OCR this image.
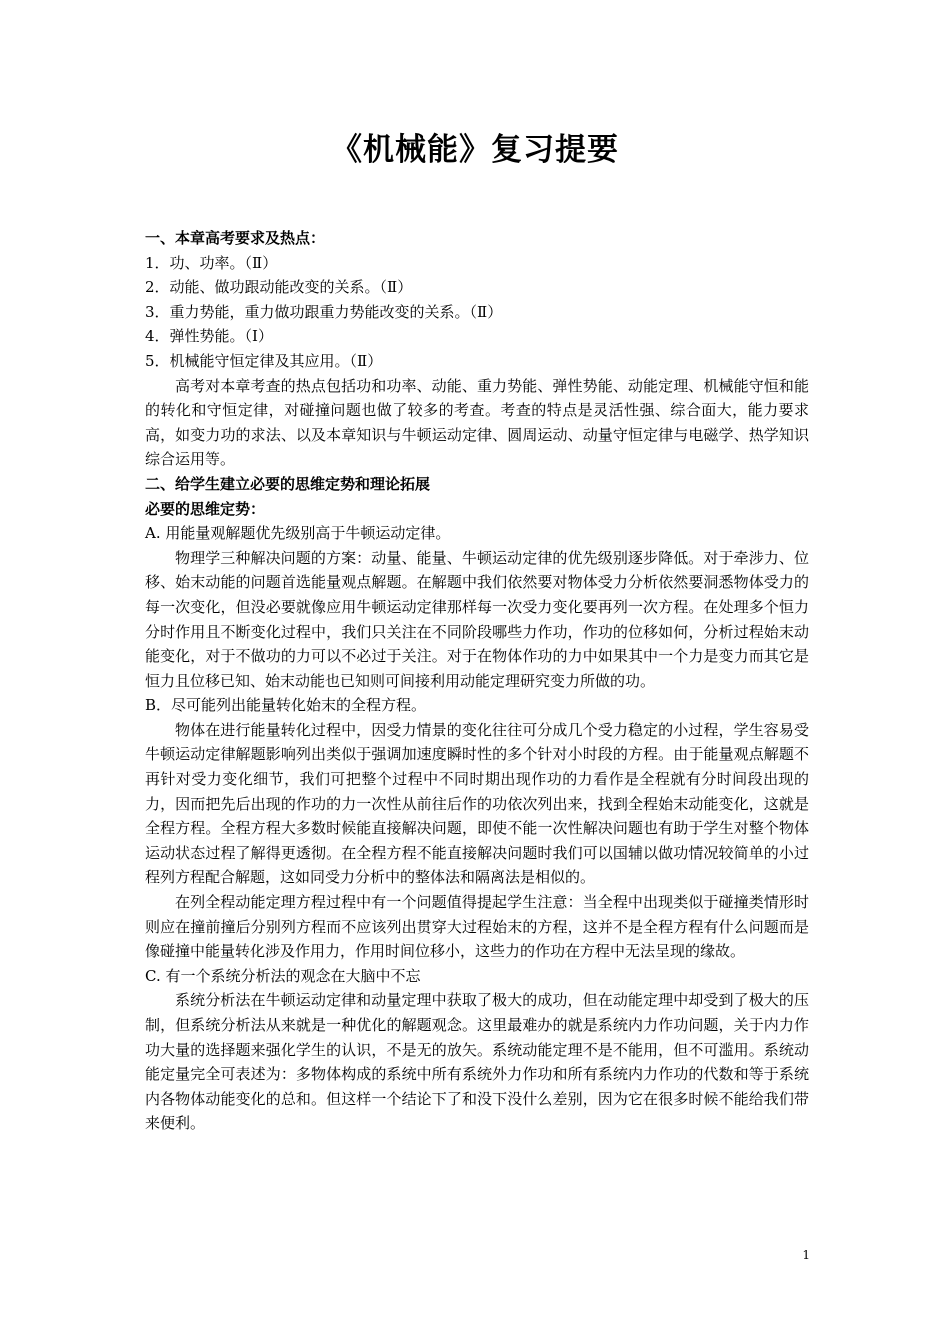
《机械能》复习提要

一、本章高考要求及热点：

1．功、功率。（Ⅱ）

2．动能、做功跟动能改变的关系。（Ⅱ）

3．重力势能，重力做功跟重力势能改变的关系。（Ⅱ）

4．弹性势能。（Ⅰ）

5．机械能守恒定律及其应用。（Ⅱ）

高考对本章考查的热点包括功和功率、动能、重力势能、弹性势能、动能定理、机械能守恒和能的转化和守恒定律，对碰撞问题也做了较多的考查。考查的特点是灵活性强、综合面大，能力要求高，如变力功的求法、以及本章知识与牛顿运动定律、圆周运动、动量守恒定律与电磁学、热学知识综合运用等。

二、给学生建立必要的思维定势和理论拓展

必要的思维定势：

A. 用能量观解题优先级别高于牛顿运动定律。

物理学三种解决问题的方案：动量、能量、牛顿运动定律的优先级别逐步降低。对于牵涉力、位移、始末动能的问题首选能量观点解题。在解题中我们依然要对物体受力分析依然要洞悉物体受力的每一次变化，但没必要就像应用牛顿运动定律那样每一次受力变化要再列一次方程。在处理多个恒力分时作用且不断变化过程中，我们只关注在不同阶段哪些力作功，作功的位移如何，分析过程始末动能变化，对于不做功的力可以不必过于关注。对于在物体作功的力中如果其中一个力是变力而其它是恒力且位移已知、始末动能也已知则可间接利用动能定理研究变力所做的功。

B．尽可能列出能量转化始末的全程方程。

物体在进行能量转化过程中，因受力情景的变化往往可分成几个受力稳定的小过程，学生容易受牛顿运动定律解题影响列出类似于强调加速度瞬时性的多个针对小时段的方程。由于能量观点解题不再针对受力变化细节，我们可把整个过程中不同时期出现作功的力看作是全程就有分时间段出现的力，因而把先后出现的作功的力一次性从前往后作的功依次列出来，找到全程始末动能变化，这就是全程方程。全程方程大多数时候能直接解决问题，即使不能一次性解决问题也有助于学生对整个物体运动状态过程了解得更透彻。在全程方程不能直接解决问题时我们可以国辅以做功情况较简单的小过程列方程配合解题，这如同受力分析中的整体法和隔离法是相似的。

在列全程动能定理方程过程中有一个问题值得提起学生注意：当全程中出现类似于碰撞类情形时则应在撞前撞后分别列方程而不应该列出贯穿大过程始末的方程，这并不是全程方程有什么问题而是像碰撞中能量转化涉及作用力，作用时间位移小，这些力的作功在方程中无法呈现的缘故。

C. 有一个系统分析法的观念在大脑中不忘

系统分析法在牛顿运动定律和动量定理中获取了极大的成功，但在动能定理中却受到了极大的压制，但系统分析法从来就是一种优化的解题观念。这里最难办的就是系统内力作功问题，关于内力作功大量的选择题来强化学生的认识，不是无的放矢。系统动能定理不是不能用，但不可滥用。系统动能定量完全可表述为：多物体构成的系统中所有系统外力作功和所有系统内力作功的代数和等于系统内各物体动能变化的总和。但这样一个结论下了和没下没什么差别，因为它在很多时候不能给我们带来便利。

1
